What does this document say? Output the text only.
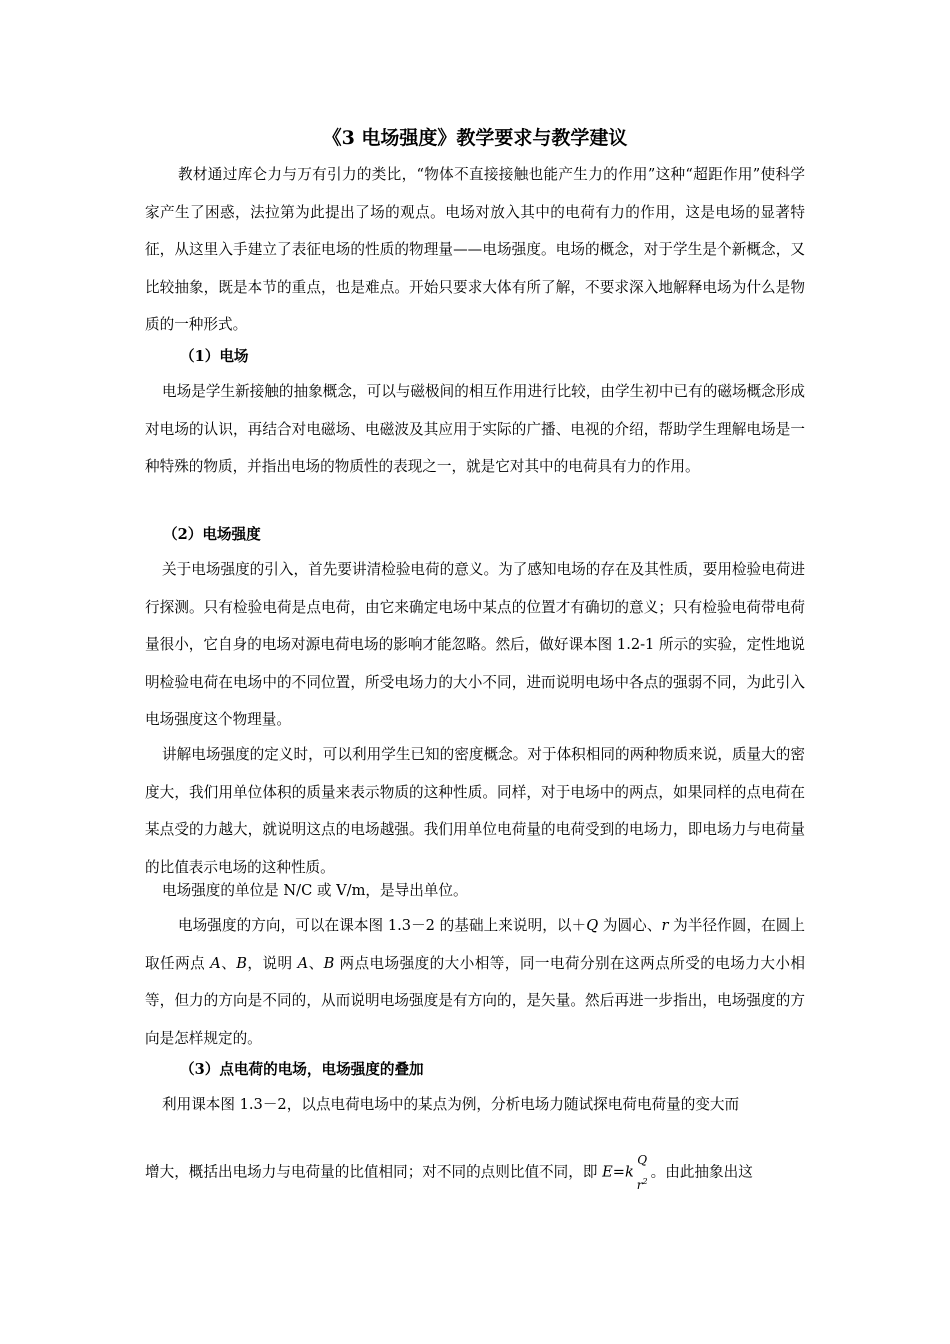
《3 电场强度》教学要求与教学建议
教材通过库仑力与万有引力的类比，“物体不直接接触也能产生力的作用”这种“超距作用”使科学家产生了困惑，法拉第为此提出了场的观点。电场对放入其中的电荷有力的作用，这是电场的显著特征，从这里入手建立了表征电场的性质的物理量——电场强度。电场的概念，对于学生是个新概念，又比较抽象，既是本节的重点，也是难点。开始只要求大体有所了解，不要求深入地解释电场为什么是物质的一种形式。
（1）电场
电场是学生新接触的抽象概念，可以与磁极间的相互作用进行比较，由学生初中已有的磁场概念形成对电场的认识，再结合对电磁场、电磁波及其应用于实际的广播、电视的介绍，帮助学生理解电场是一种特殊的物质，并指出电场的物质性的表现之一，就是它对其中的电荷具有力的作用。
（2）电场强度
关于电场强度的引入，首先要讲清检验电荷的意义。为了感知电场的存在及其性质，要用检验电荷进行探测。只有检验电荷是点电荷，由它来确定电场中某点的位置才有确切的意义；只有检验电荷带电荷量很小，它自身的电场对源电荷电场的影响才能忽略。然后，做好课本图 1.2-1 所示的实验，定性地说明检验电荷在电场中的不同位置，所受电场力的大小不同，进而说明电场中各点的强弱不同，为此引入电场强度这个物理量。
讲解电场强度的定义时，可以利用学生已知的密度概念。对于体积相同的两种物质来说，质量大的密度大，我们用单位体积的质量来表示物质的这种性质。同样，对于电场中的两点，如果同样的点电荷在某点受的力越大，就说明这点的电场越强。我们用单位电荷量的电荷受到的电场力，即电场力与电荷量的比值表示电场的这种性质。
电场强度的单位是 N/C 或 V/m，是导出单位。
电场强度的方向，可以在课本图 1.3－2 的基础上来说明，以＋Q 为圆心、r 为半径作圆，在圆上取任两点 A、B，说明 A、B 两点电场强度的大小相等，同一电荷分别在这两点所受的电场力大小相等，但力的方向是不同的，从而说明电场强度是有方向的，是矢量。然后再进一步指出，电场强度的方向是怎样规定的。
（3）点电荷的电场，电场强度的叠加
利用课本图 1.3－2，以点电荷电场中的某点为例，分析电场力随试探电荷电荷量的变大而
增大，概括出电场力与电荷量的比值相同；对不同的点则比值不同，即 E=k
Q
$r^2$
。由此抽象出这
